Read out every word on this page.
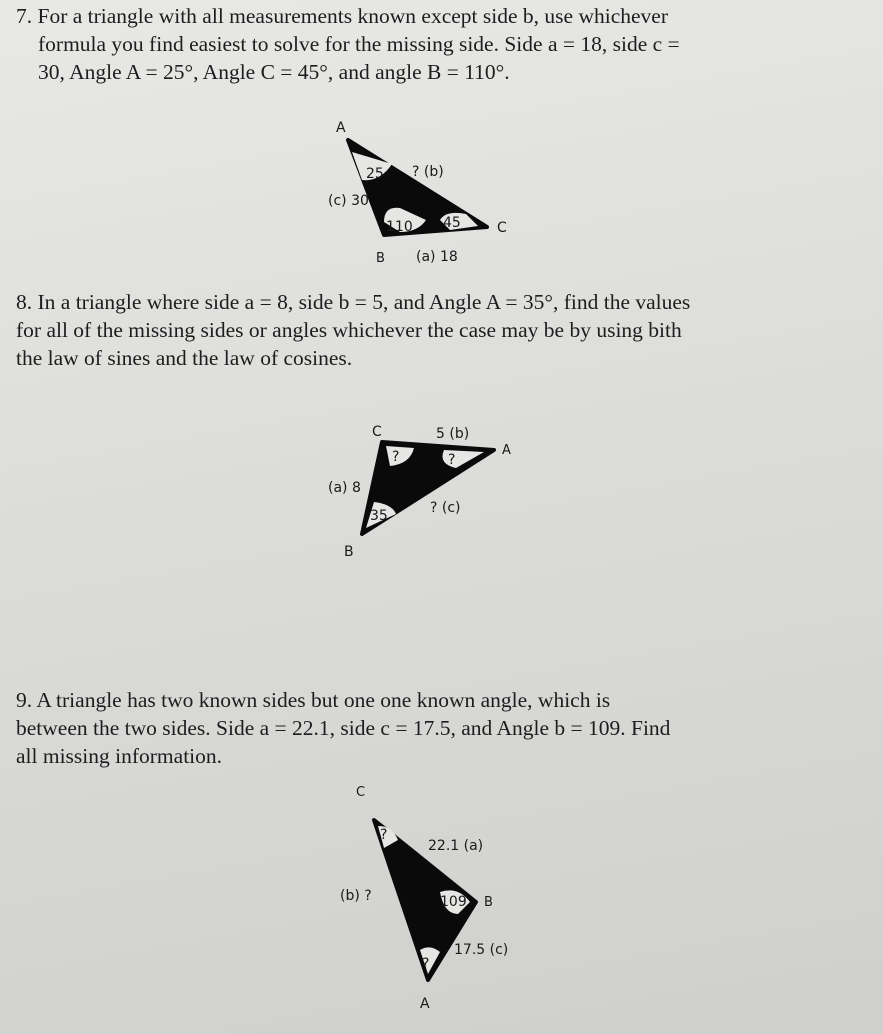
7. For a triangle with all measurements known except side b, use whichever
formula you find easiest to solve for the missing side. Side a = 18, side c =
30, Angle A = 25°, Angle C = 45°, and angle B = 110°.

A
25 ? (b)
(c) 30
110 45	C
B (a) 18

8. In a triangle where side a = 8, side b = 5, and Angle A = 35°, find the values
for all of the missing sides or angles whichever the case may be by using bith
the law of sines and the law of cosines.

C	5 (b)
?	?
A
(a) 8
? (c)
35
B

9. A triangle has two known sides but one one known angle, which is
between the two sides. Side a = 22.1, side c = 17.5, and Angle b = 109. Find
all missing information.

C
?
22.1 (a)
(b) ?	109 B
17.5 (c)
?
A
